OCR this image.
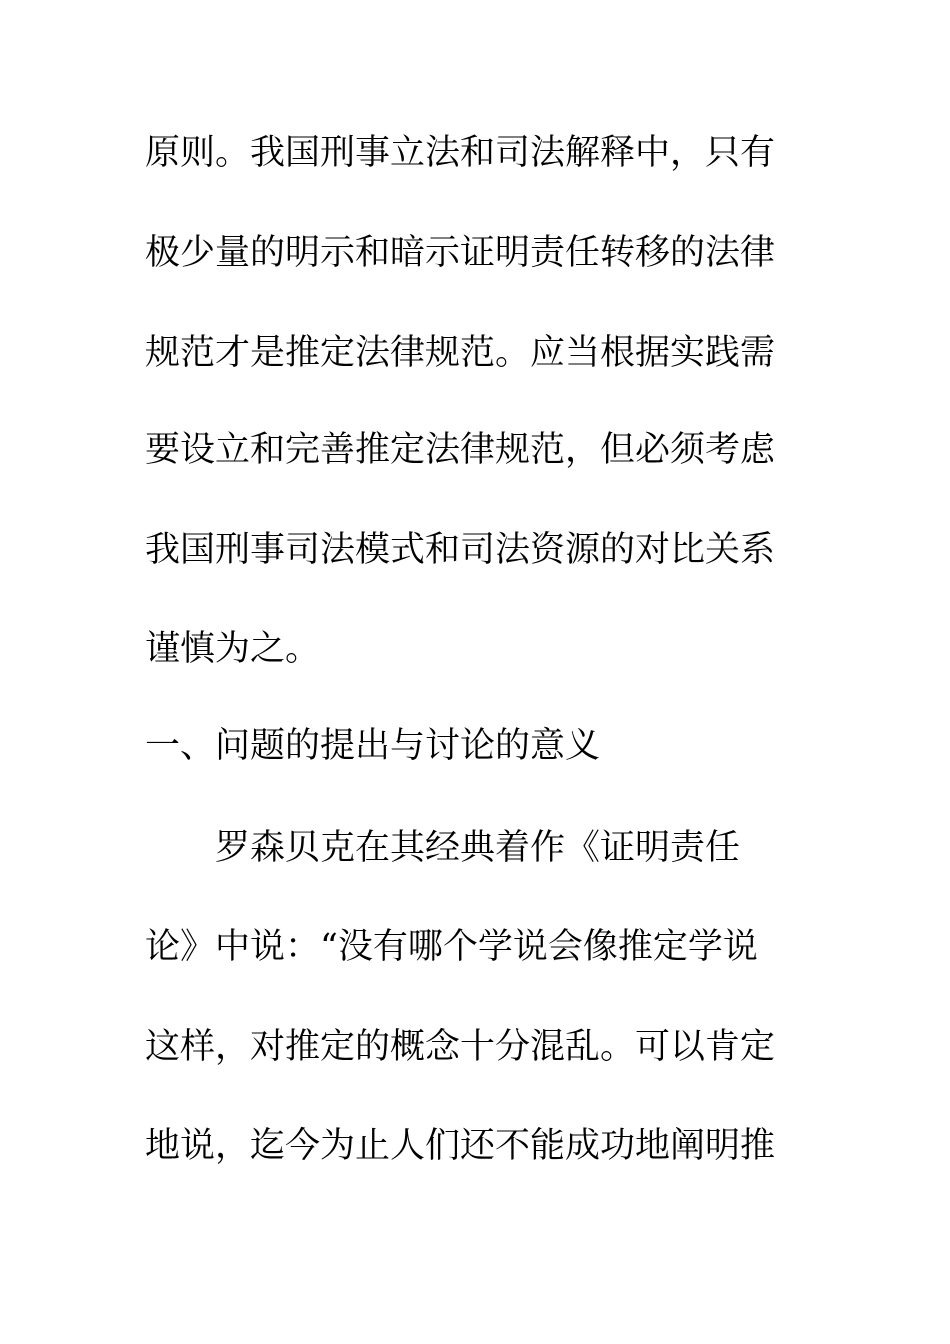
原则。我国刑事立法和司法解释中，只有
极少量的明示和暗示证明责任转移的法律
规范才是推定法律规范。应当根据实践需
要设立和完善推定法律规范，但必须考虑
我国刑事司法模式和司法资源的对比关系
谨慎为之。
一、问题的提出与讨论的意义
罗森贝克在其经典着作《证明责任
论》中说：“没有哪个学说会像推定学说
这样，对推定的概念十分混乱。可以肯定
地说，迄今为止人们还不能成功地阐明推
